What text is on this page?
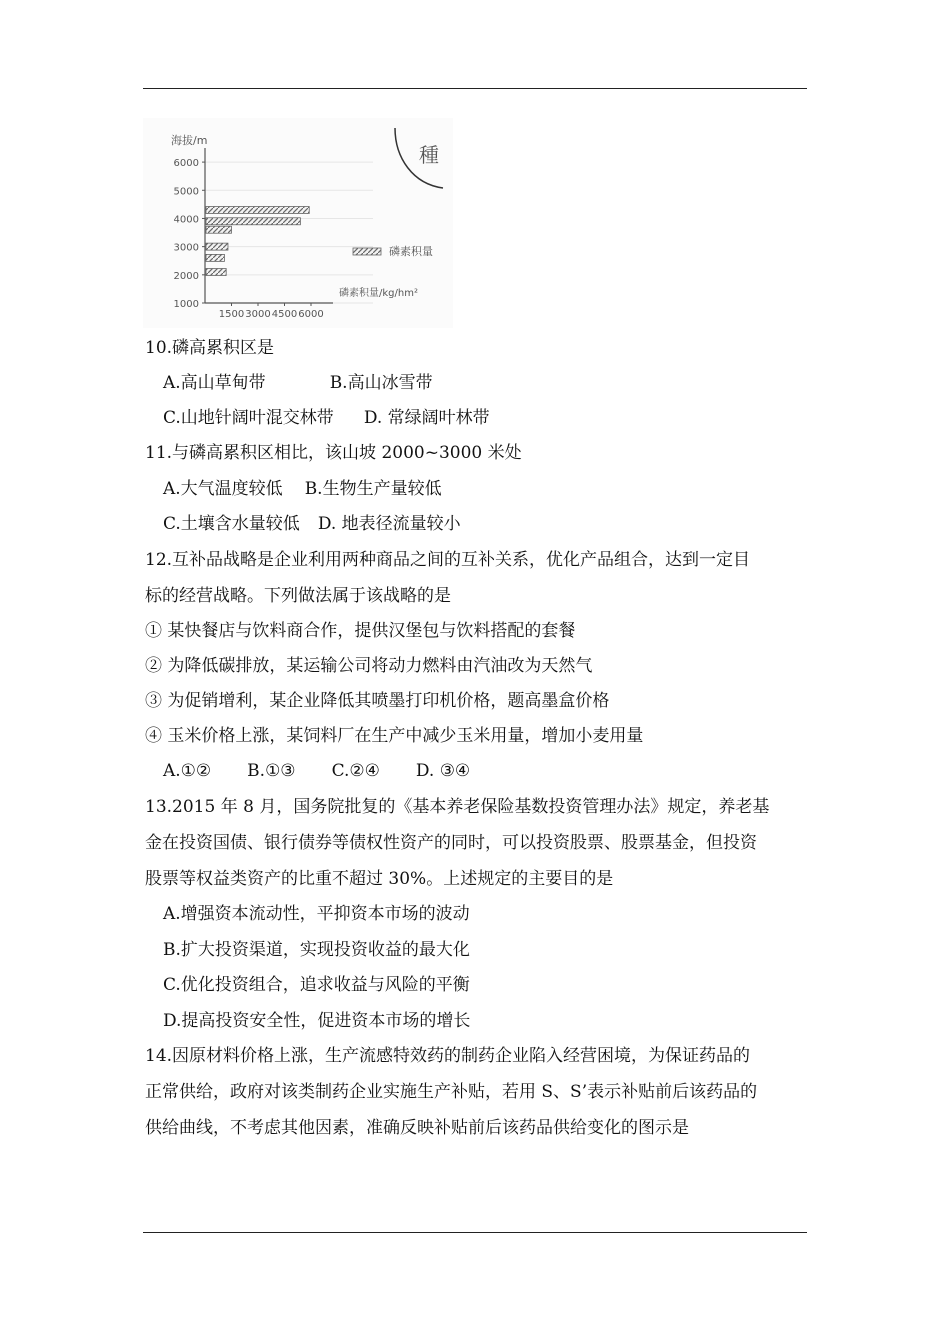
1000
2000
3000
4000
5000
6000
1500 3000 4500 6000
海拔/m
磷素积量/kg/hm²
磷素积量
種
10.磷高累积区是
A.高山草甸带	B.高山冰雪带
C.山地针阔叶混交林带 D. 常绿阔叶林带
11.与磷高累积区相比，该山坡 2000~3000 米处
A.大气温度较低 B.生物生产量较低
C.土壤含水量较低 D. 地表径流量较小
12.互补品战略是企业利用两种商品之间的互补关系，优化产品组合，达到一定目
标的经营战略。下列做法属于该战略的是
① 某快餐店与饮料商合作，提供汉堡包与饮料搭配的套餐
② 为降低碳排放，某运输公司将动力燃料由汽油改为天然气
③ 为促销增利，某企业降低其喷墨打印机价格，题高墨盒价格
④ 玉米价格上涨，某饲料厂在生产中减少玉米用量，增加小麦用量
A.①② B.①③ C.②④ D. ③④
13.2015 年 8 月，国务院批复的《基本养老保险基数投资管理办法》规定，养老基
金在投资国债、银行债券等债权性资产的同时，可以投资股票、股票基金，但投资
股票等权益类资产的比重不超过 30%。上述规定的主要目的是
A.增强资本流动性，平抑资本市场的波动
B.扩大投资渠道，实现投资收益的最大化
C.优化投资组合，追求收益与风险的平衡
D.提高投资安全性，促进资本市场的增长
14.因原材料价格上涨，生产流感特效药的制药企业陷入经营困境，为保证药品的
正常供给，政府对该类制药企业实施生产补贴，若用 S、S’表示补贴前后该药品的
供给曲线，不考虑其他因素，准确反映补贴前后该药品供给变化的图示是
